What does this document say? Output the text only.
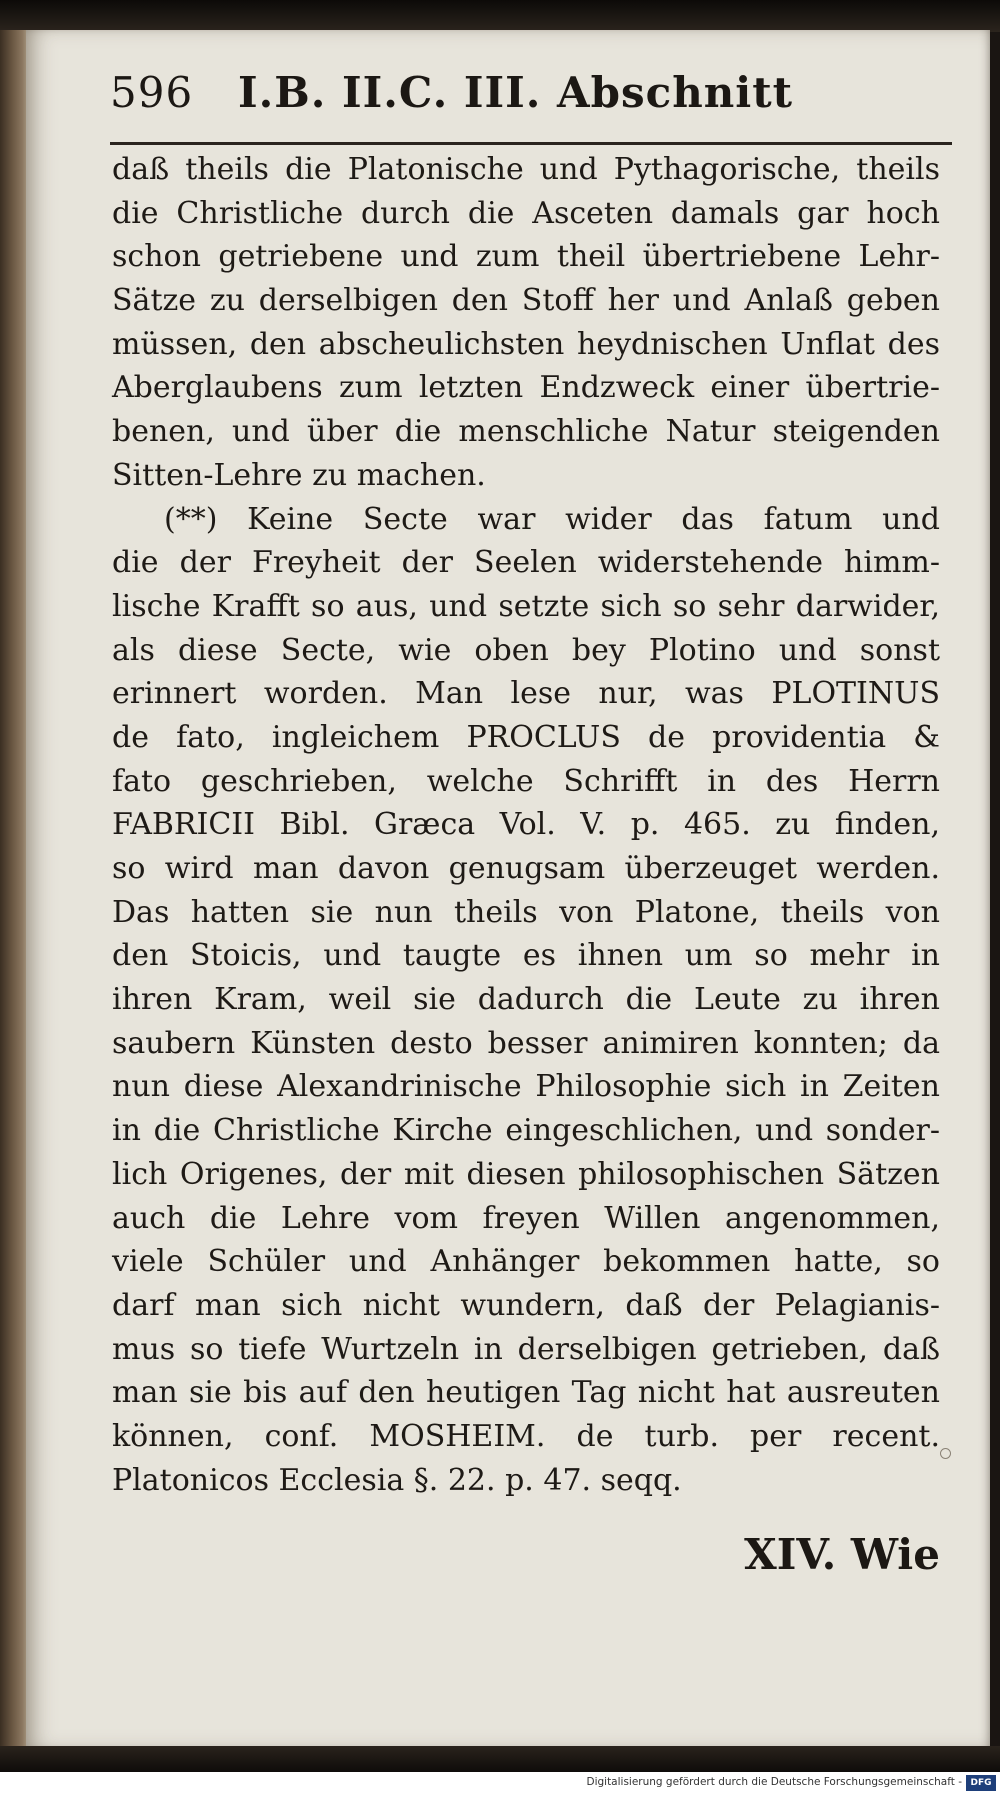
596 I.B. II.C. III. Abschnitt
daß theils die Platonische und Pythagorische, theils
die Christliche durch die Asceten damals gar hoch
schon getriebene und zum theil übertriebene Lehr-
Sätze zu derselbigen den Stoff her und Anlaß geben
müssen, den abscheulichsten heydnischen Unflat des
Aberglaubens zum letzten Endzweck einer übertrie-
benen, und über die menschliche Natur steigenden
Sitten-Lehre zu machen.
(**) Keine Secte war wider das fatum und
die der Freyheit der Seelen widerstehende himm-
lische Krafft so aus, und setzte sich so sehr darwider,
als diese Secte, wie oben bey Plotino und sonst
erinnert worden. Man lese nur, was PLOTINUS
de fato, ingleichem PROCLUS de providentia &
fato geschrieben, welche Schrifft in des Herrn
FABRICII Bibl. Græca Vol. V. p. 465. zu finden,
so wird man davon genugsam überzeuget werden.
Das hatten sie nun theils von Platone, theils von
den Stoicis, und taugte es ihnen um so mehr in
ihren Kram, weil sie dadurch die Leute zu ihren
saubern Künsten desto besser animiren konnten; da
nun diese Alexandrinische Philosophie sich in Zeiten
in die Christliche Kirche eingeschlichen, und sonder-
lich Origenes, der mit diesen philosophischen Sätzen
auch die Lehre vom freyen Willen angenommen,
viele Schüler und Anhänger bekommen hatte, so
darf man sich nicht wundern, daß der Pelagianis-
mus so tiefe Wurtzeln in derselbigen getrieben, daß
man sie bis auf den heutigen Tag nicht hat ausreuten
können, conf. MOSHEIM. de turb. per recent.
Platonicos Ecclesia §. 22. p. 47. seqq.
XIV. Wie
Digitalisierung gefördert durch die Deutsche Forschungsgemeinschaft - DFG
